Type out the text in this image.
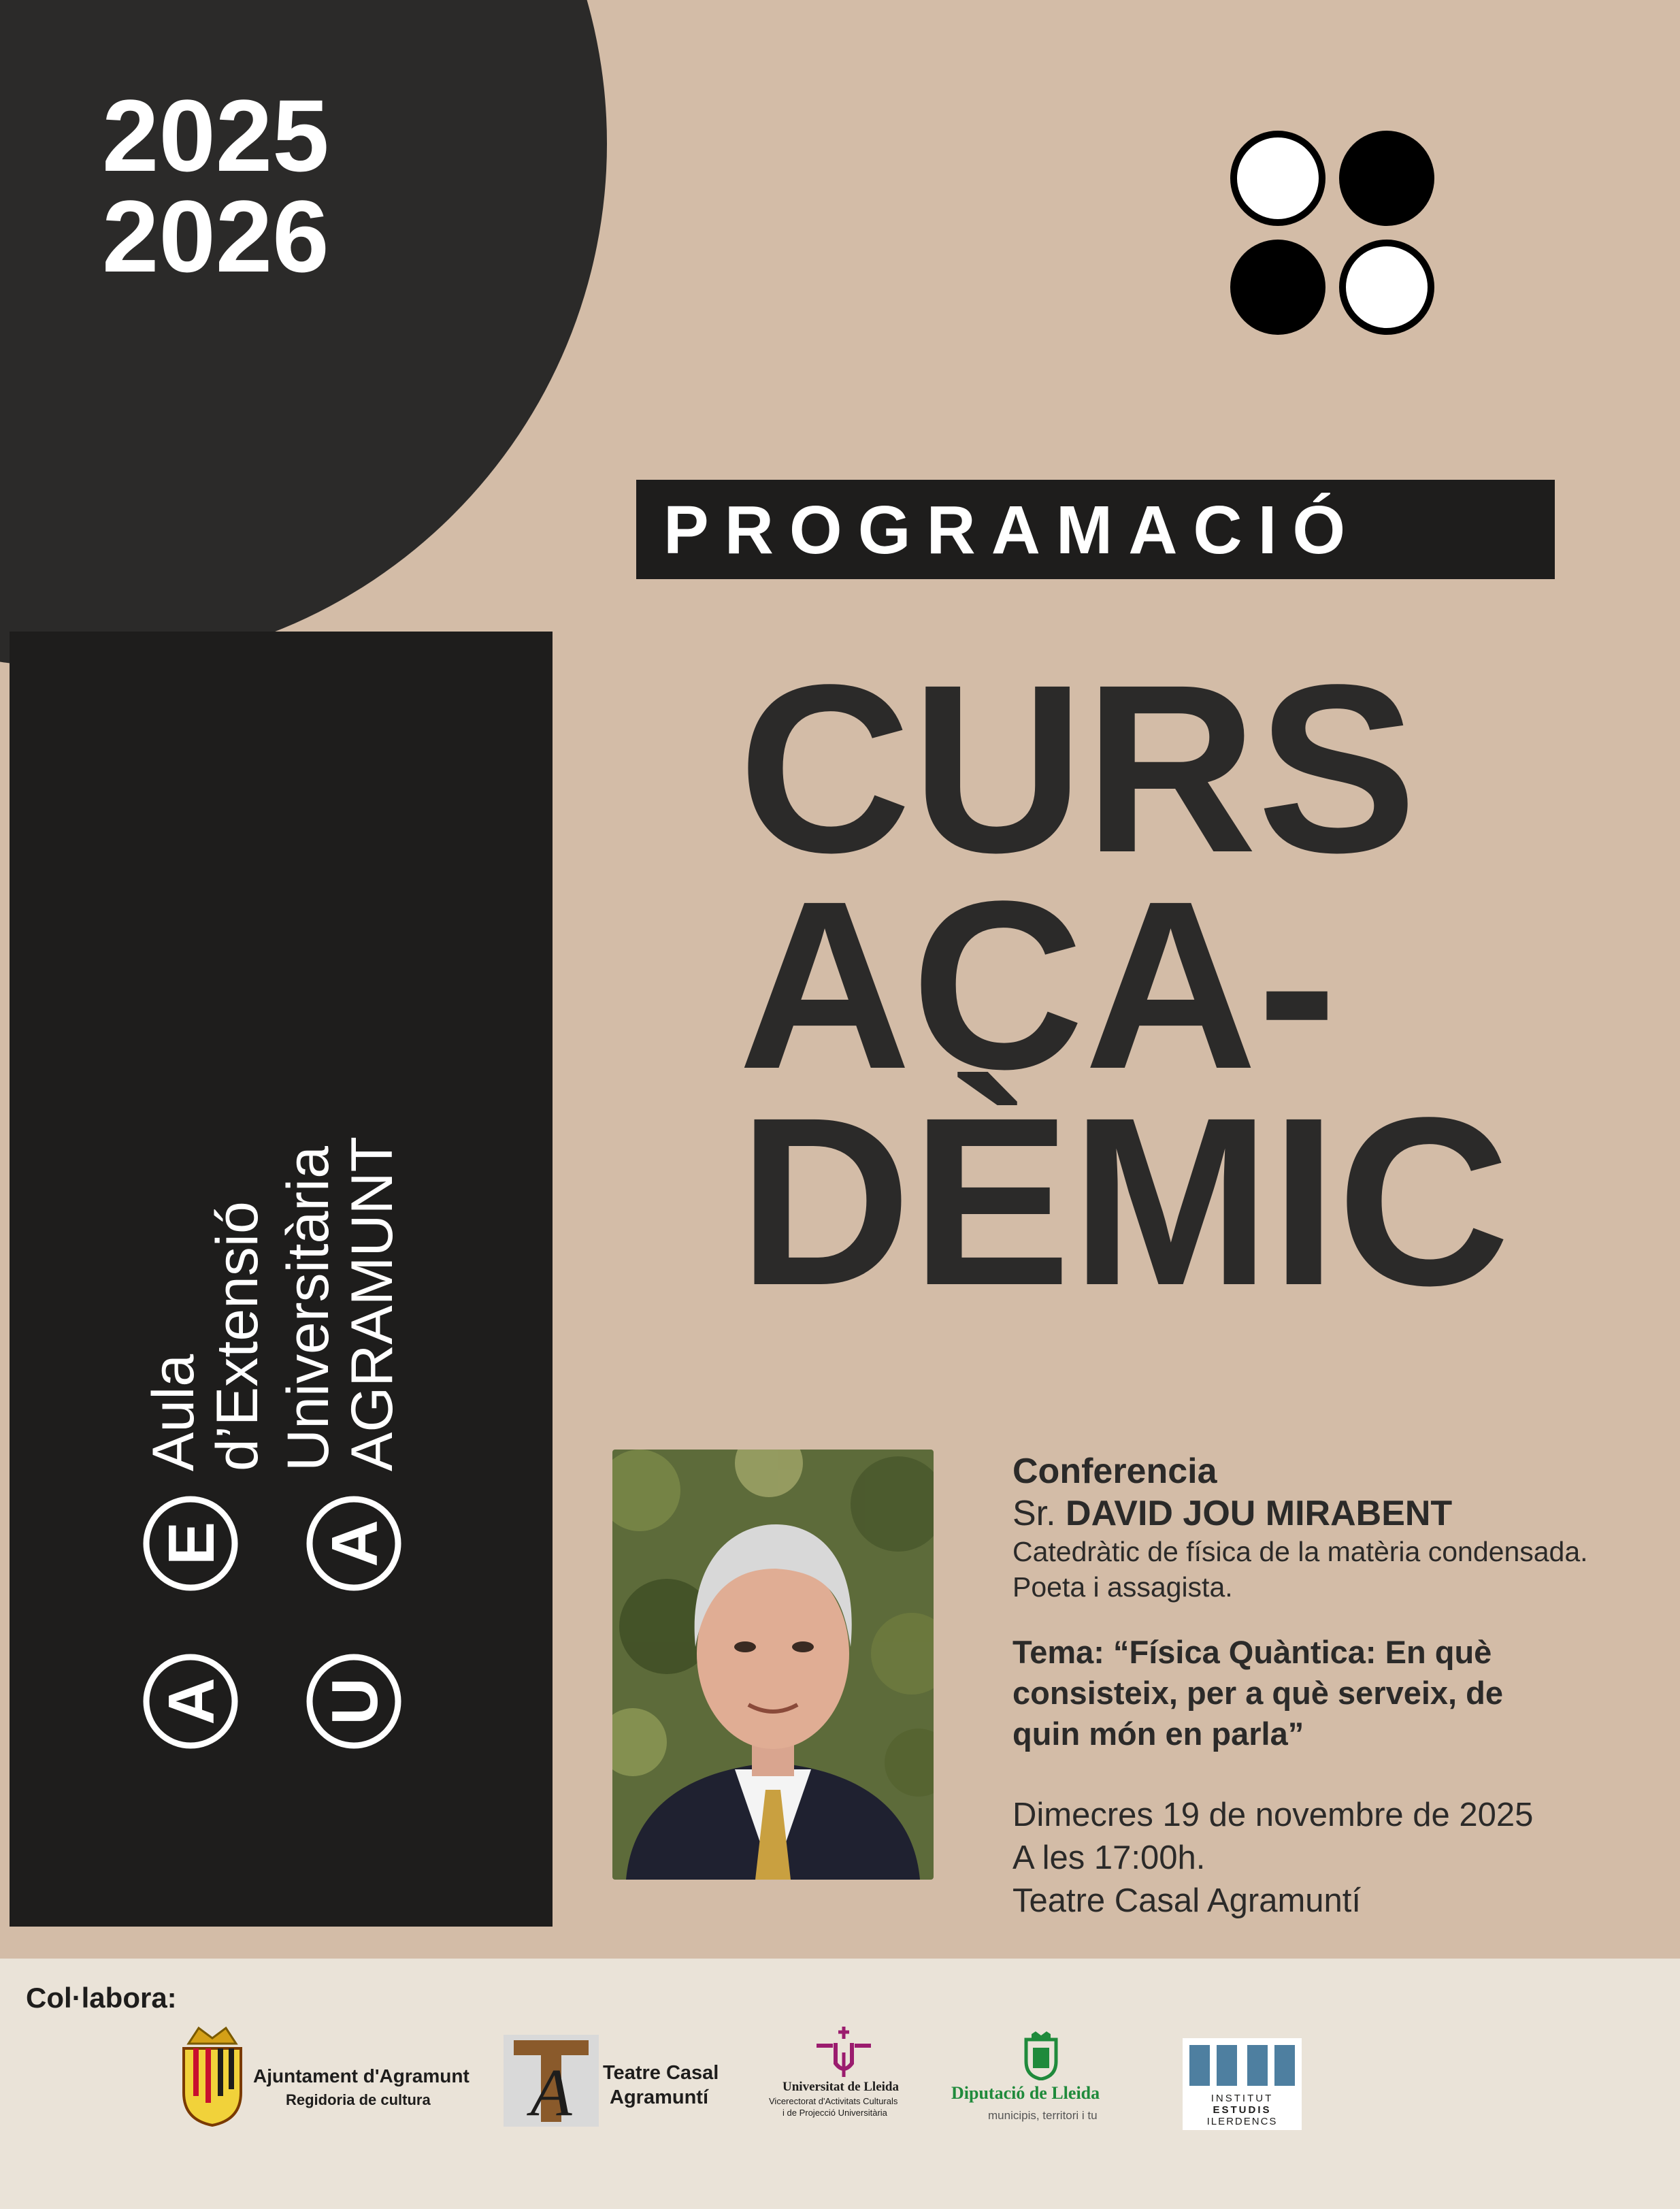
2025
2026
PROGRAMACIÓ
CURS
ACA-
DÈMIC
A
E
U
A
Aula
d’Extensió Universitària
AGRAMUNT	Conferencia
Sr. DAVID JOU MIRABENT
Catedràtic de física de la matèria condensada.
Poeta i assagista.
Tema: “Física Quàntica: En què
consisteix, per a què serveix, de
quin món en parla”
Dimecres 19 de novembre de 2025
A les 17:00h.
Teatre Casal Agramuntí
Col·labora:
Ajuntament d'Agramunt
Regidoria de cultura A Teatre Casal
Agramuntí	Universitat de Lleida
Vicerectorat d'Activitats Culturals
i de Projecció Universitària
Diputació de Lleida
municipis, territori i tu
INSTITUT
ESTUDIS
ILERDENCS
